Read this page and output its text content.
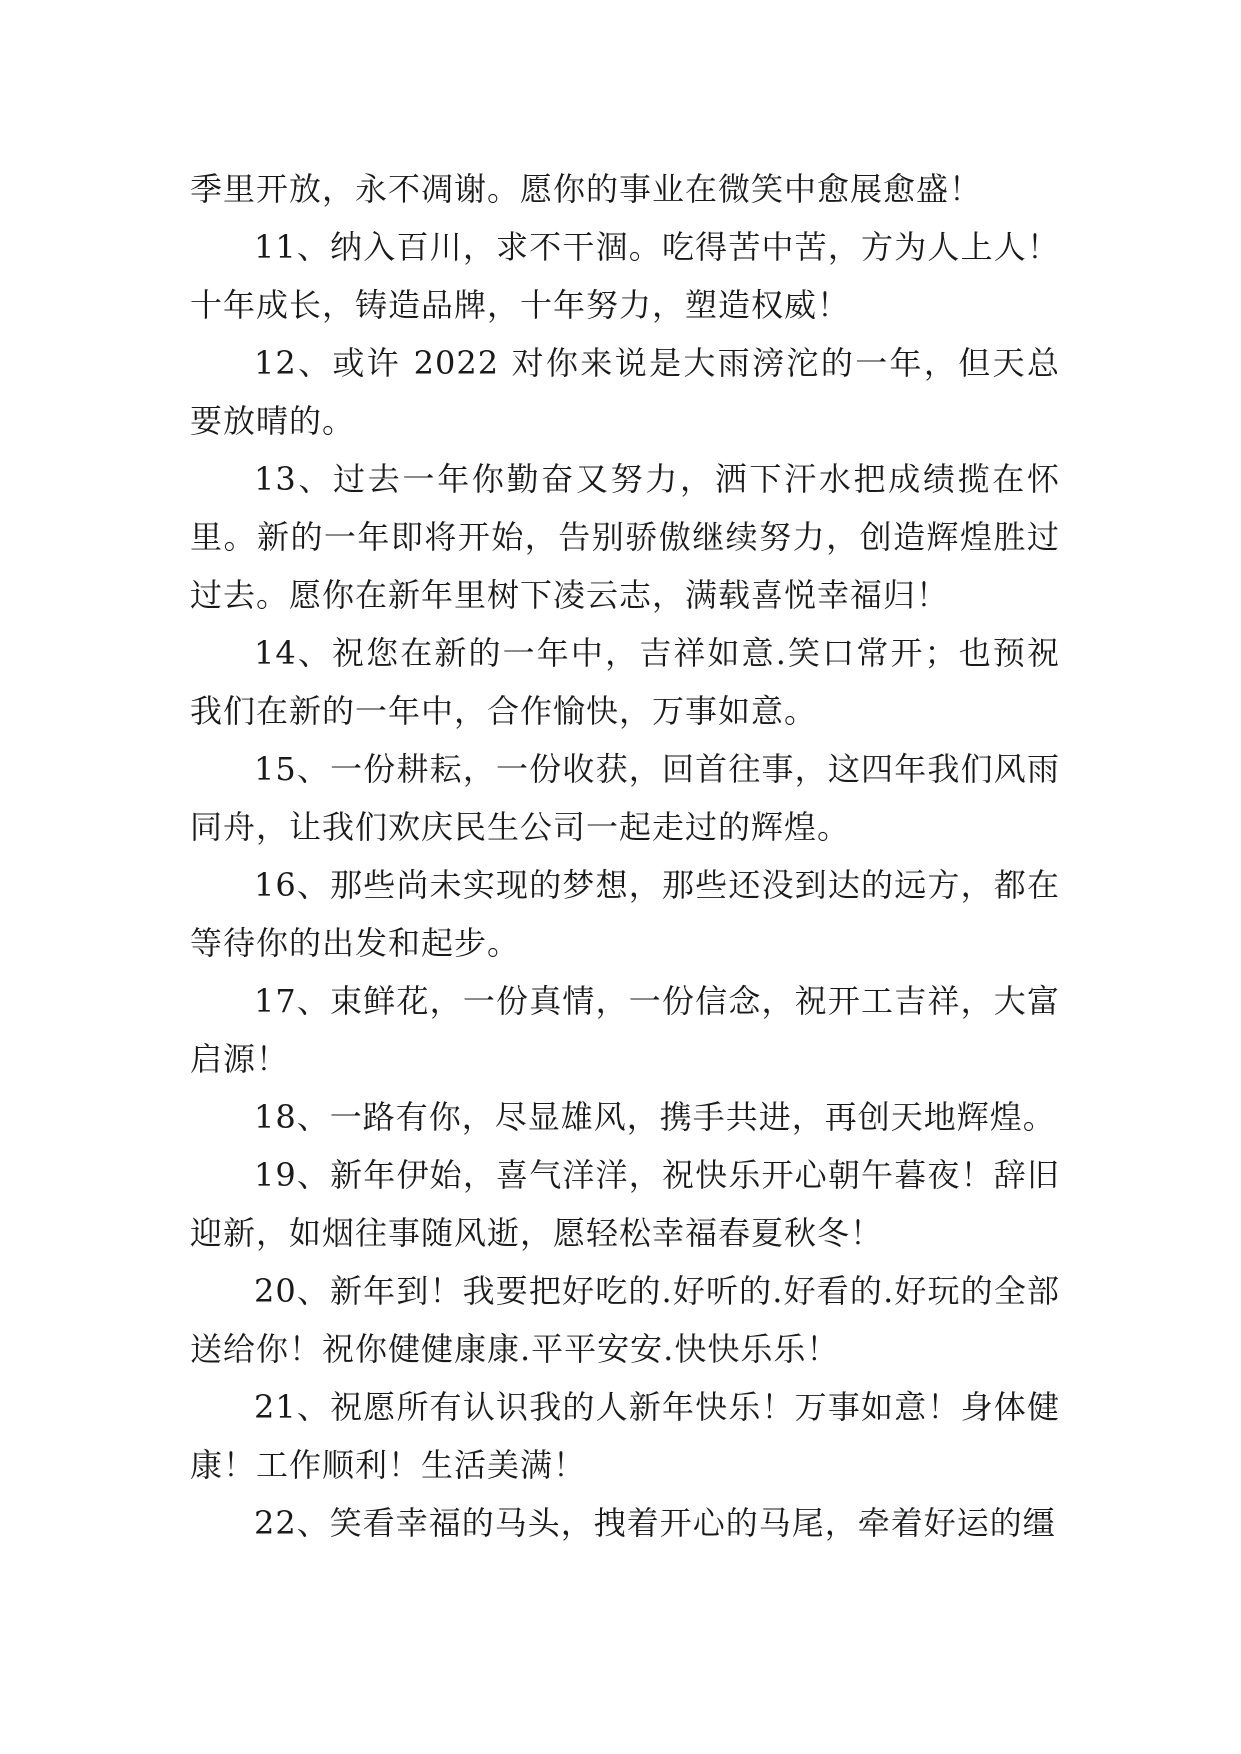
季里开放，永不凋谢。愿你的事业在微笑中愈展愈盛！

11、纳入百川，求不干涸。吃得苦中苦，方为人上人！十年成长，铸造品牌，十年努力，塑造权威！

12、或许 2022 对你来说是大雨滂沱的一年，但天总要放晴的。

13、过去一年你勤奋又努力，洒下汗水把成绩揽在怀里。新的一年即将开始，告别骄傲继续努力，创造辉煌胜过过去。愿你在新年里树下凌云志，满载喜悦幸福归！

14、祝您在新的一年中，吉祥如意.笑口常开；也预祝我们在新的一年中，合作愉快，万事如意。

15、一份耕耘，一份收获，回首往事，这四年我们风雨同舟，让我们欢庆民生公司一起走过的辉煌。

16、那些尚未实现的梦想，那些还没到达的远方，都在等待你的出发和起步。

17、束鲜花，一份真情，一份信念，祝开工吉祥，大富启源！

18、一路有你，尽显雄风，携手共进，再创天地辉煌。

19、新年伊始，喜气洋洋，祝快乐开心朝午暮夜！辞旧迎新，如烟往事随风逝，愿轻松幸福春夏秋冬！

20、新年到！我要把好吃的.好听的.好看的.好玩的全部送给你！祝你健健康康.平平安安.快快乐乐！

21、祝愿所有认识我的人新年快乐！万事如意！身体健康！工作顺利！生活美满！

22、笑看幸福的马头，拽着开心的马尾，牵着好运的缰
